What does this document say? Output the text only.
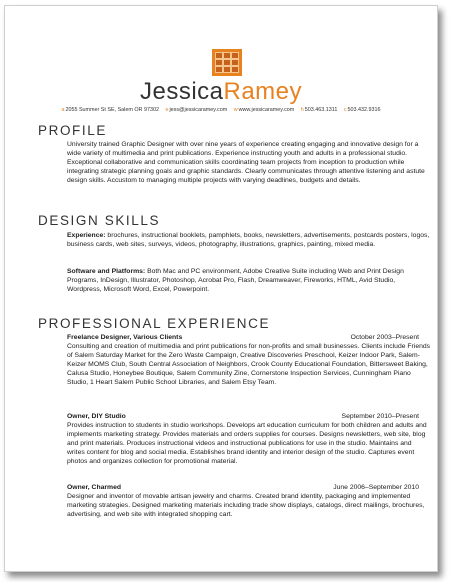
JessicaRamey
a2055 Summer St SE, Salem OR 97302 ejess@jessicaramey.com wwww.jessicaramey.com h503.463.1311 c503.432.9316
PROFILE
University trained Graphic Designer with over nine years of experience creating engaging and innovative design for a wide variety of multimedia and print publications. Experience instructing youth and adults in a professional studio. Exceptional collaborative and communication skills coordinating team projects from inception to production while integrating strategic planning goals and graphic standards. Clearly communicates through attentive listening and astute design skills. Accustom to managing multiple projects with varying deadlines, budgets and details.
DESIGN SKILLS
Experience: brochures, instructional booklets, pamphlets, books, newsletters, advertisements, postcards posters, logos, business cards, web sites, surveys, videos, photography, illustrations, graphics, painting, mixed media.
Software and Platforms: Both Mac and PC environment, Adobe Creative Suite including Web and Print Design Programs, InDesign, Illustrator, Photoshop, Acrobat Pro, Flash, Dreamweaver, Fireworks, HTML, Avid Studio, Wordpress, Microsoft Word, Excel, Powerpoint.
PROFESSIONAL EXPERIENCE
Freelance Designer, Various Clients	October 2003–Present
Consulting and creation of multimedia and print publications for non-profits and small businesses. Clients include Friends of Salem Saturday Market for the Zero Waste Campaign, Creative Discoveries Preschool, Keizer Indoor Park, Salem-Keizer MOMS Club, South Central Association of Neighbors, Crook County Educational Foundation, Bittersweet Baking, Calusa Studio, Honeybee Boutique, Salem Community Zine, Cornerstone Inspection Services, Cunningham Piano Studio, 1 Heart Salem Public School Libraries, and Salem Etsy Team.
Owner, DIY Studio	September 2010–Present
Provides instruction to students in studio workshops. Develops art education curriculum for both children and adults and implements marketing strategy. Provides materials and orders supplies for courses. Designs newsletters, web site, blog and print materials. Produces instructional videos and instructional publications for use in the studio. Maintains and writes content for blog and social media. Establishes brand identity and interior design of the studio. Captures event photos and organizes collection for promotional material.
Owner, Charmed	June 2006–September 2010
Designer and inventor of movable artisan jewelry and charms. Created brand identity, packaging and implemented marketing strategies. Designed marketing materials including trade show displays, catalogs, direct mailings, brochures, advertising, and web site with integrated shopping cart.
